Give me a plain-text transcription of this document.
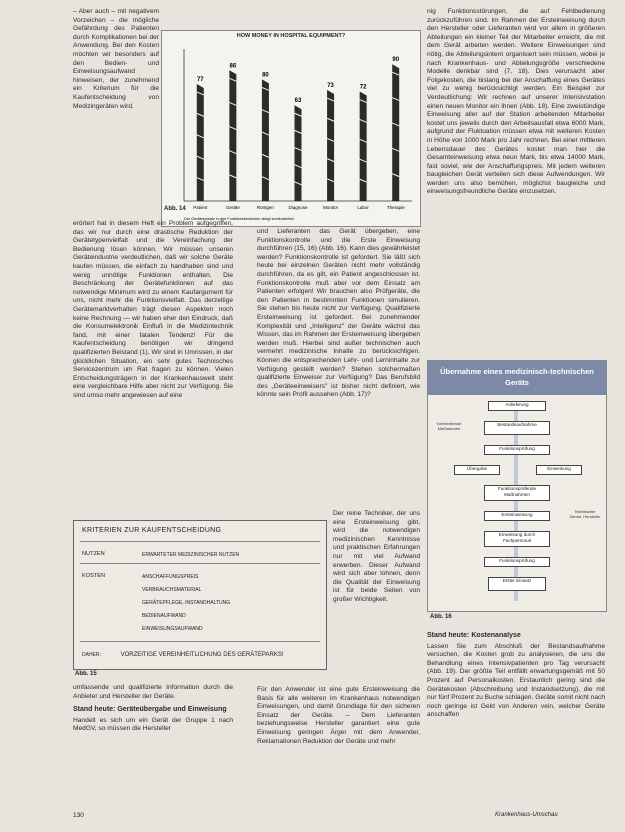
– Aber auch – mit negativem Vorzeichen – die mögliche Gefährdung des Patienten durch Komplikationen bei der Anwendung. Bei den Kosten möchten wir besonders auf den Bedien- und Einweisungsaufwand hinweisen, der zunehmend ein Kriterium für die Kaufentscheidung von Medizingeräten wird.

HOW MONEY IN HOSPITAL EQUIPMENT?
77
Patient
86
Geräte
80
Röntgen
63
Diagnose
73
Monitor
72
Labor
90
Therapie
Der Geräteeinsatz in den Funktionsbereichen steigt kontinuierlich.
Abb. 14

erörtert hat in diesem Heft ein Problem aufgegriffen, das wir nur durch eine drastische Reduktion der Gerätetypenvielfalt und die Vereinfachung der Bedienung lösen können. Wir müssen unseren Geräteindustrie verdeutlichen, daß wir solche Geräte kaufen müssen, die einfach zu handhaben sind und wenig unnötige Funktionen enthalten. Die Beschränkung der Gerätefunktionen auf das notwendige Minimum wird zu einem Kaufargument für uns, nicht mehr die Funktionsvielfalt. Das derzeitige Gerätemarktverhalten trägt diesen Aspekten noch keine Rechnung — wir haben eher den Eindruck, daß die Konsumelektronik Einfluß in die Medizintechnik fand, mit einer fatalen Tendenz! Für die Kaufentscheidung benötigen wir dringend qualifizierten Beistand (1). Wir sind in Umrissen, in der glücklichen Situation, ein sehr gutes Technisches Servicezentrum um Rat fragen zu können. Vielen Entscheidungsträgern in der Krankenhauswelt steht eine vergleichbare Hilfe aber nicht zur Verfügung. Sie sind umso mehr angewiesen auf eine

und Lieferanten das Gerät übergeben, eine Funktionskontrolle und die Erste Einweisung durchführen (15, 16) (Abb. 16). Kann dies gewährleistet werden? Funktionskontrolle ist gefordert. Sie läßt sich heute bei einzelnen Geräten nicht mehr vollständig durchführen, da es gilt, ein Patient angeschlossen ist. Funktionskontrolle muß aber vor dem Einsatz am Patienten erfolgen! Wir brauchen also Prüfgeräte, die den Patienten in bestimmten Funktionen simulieren. Sie stehen bis heute nicht zur Verfügung. Qualifizierte Ersteinweisung ist gefordert. Bei zunehmender Komplexität und „Intelligenz" der Geräte wächst das Wissen, das im Rahmen der Ersteinweisung übergeben werden muß. Hierbei sind außer technischen auch vermehrt medizinische Inhalte zu berücksichtigen. Können die entsprechenden Lehr- und Lerninhalte zur Verfügung gestellt werden? Stehen solchermaßen qualifizierte Einweiser zur Verfügung? Das Berufsbild des „Geräteeinweisers" ist bisher nicht definiert, wie könnte sein Profil aussehen (Abb. 17)?

Der reine Techniker, der uns eine Ersteinweisung gibt, wird die notwendigen medizinischen Kenntnisse und praktischen Erfahrungen nur mit viel Aufwand erwerben. Dieser Aufwand wird sich aber lohnen, denn die Qualität der Einweisung ist für beide Seiten von großer Wichtigkeit.

KRITERIEN ZUR KAUFENTSCHEIDUNG
NUTZEN	ERWARTETER MEDIZINISCHER NUTZEN
KOSTEN	ANSCHAFFUNGSPREIS
VERBRAUCHSMATERIAL
GERÄTEPFLEGE, INSTANDHALTUNG
BEDIENAUFWAND
EINWEISUNGSAUFWAND
DAHER:	VORZEITIGE VEREINHEITLICHUNG DES GERÄTEPARKS!
Abb. 15

umfassende und qualifizierte Information durch die Anbieter und Hersteller der Geräte.

Stand heute: Geräteübergabe und Einweisung

Handelt es sich um ein Gerät der Gruppe 1 nach MedGV, so müssen die Hersteller

Für den Anwender ist eine gute Ersteinweisung die Basis für alle weiteren im Krankenhaus notwendigen Einweisungen, und damit Grundlage für den sicheren Einsatz der Geräte. – Dem Lieferanten beziehungsweise Hersteller garantiert eine gute Einweisung geringen Ärger mit dem Anwender, Reklamationen Reduktion der Geräte und mehr

nig Funktionsstörungen, die auf Fehlbedienung zurückzuführen sind. Im Rahmen der Ersteinweisung durch den Hersteller oder Lieferanten wird vor allem in größeren Abteilungen ein kleiner Teil der Mitarbeiter erreicht, die mit dem Gerät arbeiten werden. Weitere Einweisungen sind nötig, die Abteilungsintern organisiert sein müssen, wobei je nach Krankenhaus- und Abteilungsgröße verschiedene Modelle denkbar sind (7, 18). Dies verursacht aber Folgekosten, die bislang bei der Anschaffung eines Gerätes viel zu wenig berücksichtigt werden. Ein Beispiel zur Verdeutlichung: Wir rechnen auf unserer Intensivstation einen neuen Monitor ein ihnen (Abb. 18). Eine zweistündige Einweisung aller auf der Station arbeitenden Mitarbeiter kostet uns jeweils durch den Arbeitsausfall etwa 6000 Mark, aufgrund der Fluktuation müssen etwa mit weiteren Kosten in Höhe von 1000 Mark pro Jahr rechnen. Bei einer mittleren Lebensdauer des Gerätes kostet man hier die Gesamteinweisung etwa neun Mark, bis etwa 14000 Mark, fast soviel, wie der Anschaffungspreis. Mit jedem weiteren baugleichen Gerät verteilen sich diese Aufwendungen. Wir werden uns also bemühen, möglichst baugleiche und einweisungsfreundliche Geräte einzusetzen.

Übernahme eines medizinisch-technischen Geräts
Vorbereitende Maßnahmen
Technischer Dienst, Hersteller
Anlieferung
Bestandsaufnahme
Funktionsprüfung
Übergabe	Einweisung
Funktionsprüfende Maßnahmen
Ersteinweisung
Einweisung durch Fachpersonal
Funktionsprüfung
Erster Einsatz
Abb. 16
Stand heute: Kostenanalyse

Lassen Sie zum Abschluß der Bestandsaufnahme versuchen, die Kosten grob zu analysieren, die uns die Behandlung eines Intensivpatienten pro Tag verursacht (Abb. 19). Der größte Teil entfällt erwartungsgemäß mit 50 Prozent auf Personalkosten. Erstaunlich gering sind die Gerätekosten (Abschreibung und Instandsetzung), die mit nur fünf Prozent zu Buche schlagen. Geräte somit nicht nach noch geringe ist Geld von Anderen vein, welcher Geräte anschaffen

130	Krankenhaus-Umschau
